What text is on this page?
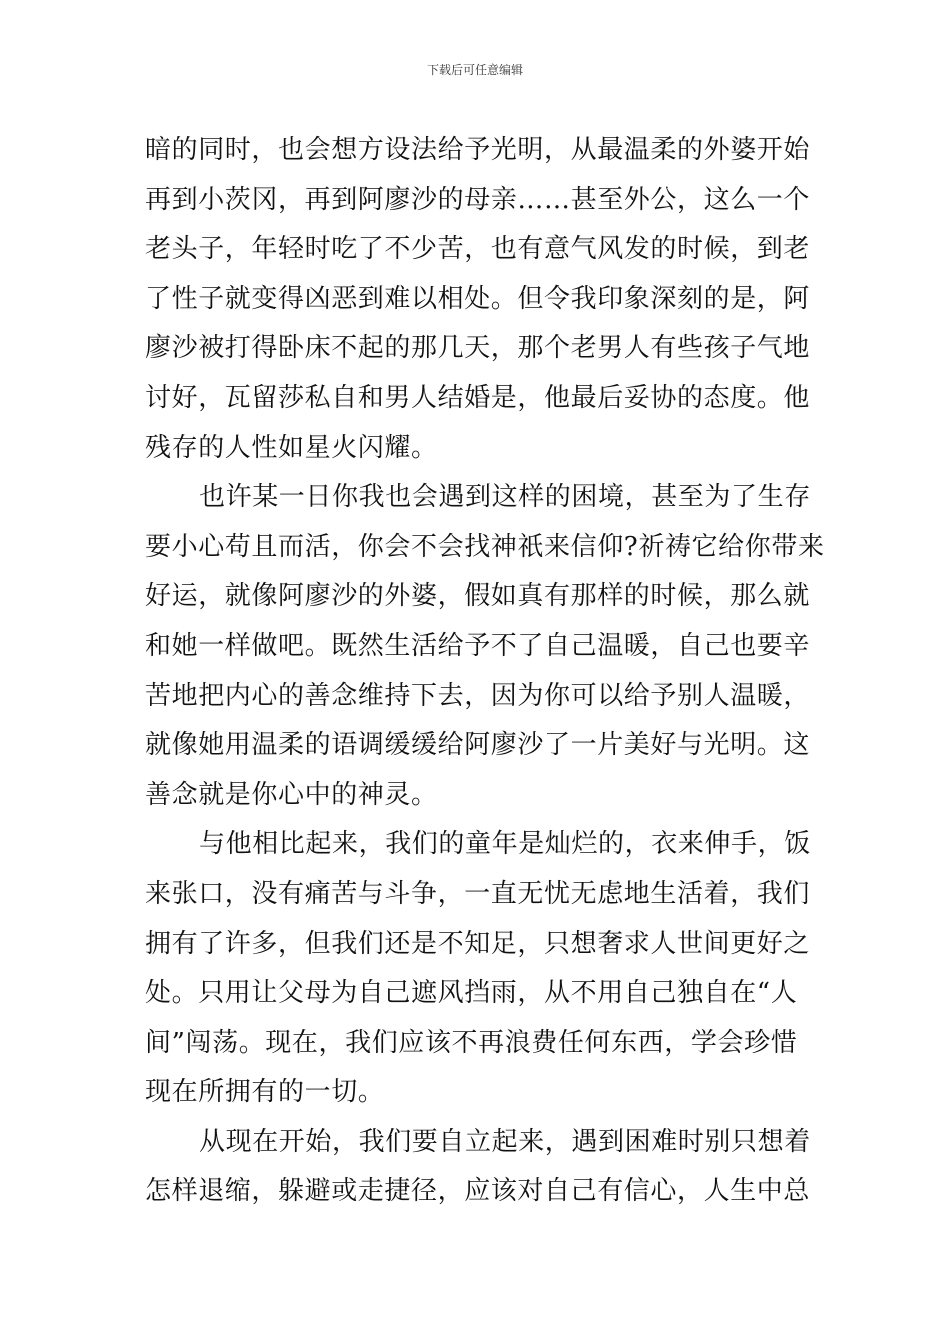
下载后可任意编辑

暗的同时，也会想方设法给予光明，从最温柔的外婆开始
再到小茨冈，再到阿廖沙的母亲……甚至外公，这么一个
老头子，年轻时吃了不少苦，也有意气风发的时候，到老
了性子就变得凶恶到难以相处。但令我印象深刻的是，阿
廖沙被打得卧床不起的那几天，那个老男人有些孩子气地
讨好，瓦留莎私自和男人结婚是，他最后妥协的态度。他
残存的人性如星火闪耀。

也许某一日你我也会遇到这样的困境，甚至为了生存
要小心苟且而活，你会不会找神祇来信仰?祈祷它给你带来
好运，就像阿廖沙的外婆，假如真有那样的时候，那么就
和她一样做吧。既然生活给予不了自己温暖，自己也要辛
苦地把内心的善念维持下去，因为你可以给予别人温暖，
就像她用温柔的语调缓缓给阿廖沙了一片美好与光明。这
善念就是你心中的神灵。

与他相比起来，我们的童年是灿烂的，衣来伸手，饭
来张口，没有痛苦与斗争，一直无忧无虑地生活着，我们
拥有了许多，但我们还是不知足，只想奢求人世间更好之
处。只用让父母为自己遮风挡雨，从不用自己独自在“人
间”闯荡。现在，我们应该不再浪费任何东西，学会珍惜
现在所拥有的一切。

从现在开始，我们要自立起来，遇到困难时别只想着
怎样退缩，躲避或走捷径，应该对自己有信心，人生中总
